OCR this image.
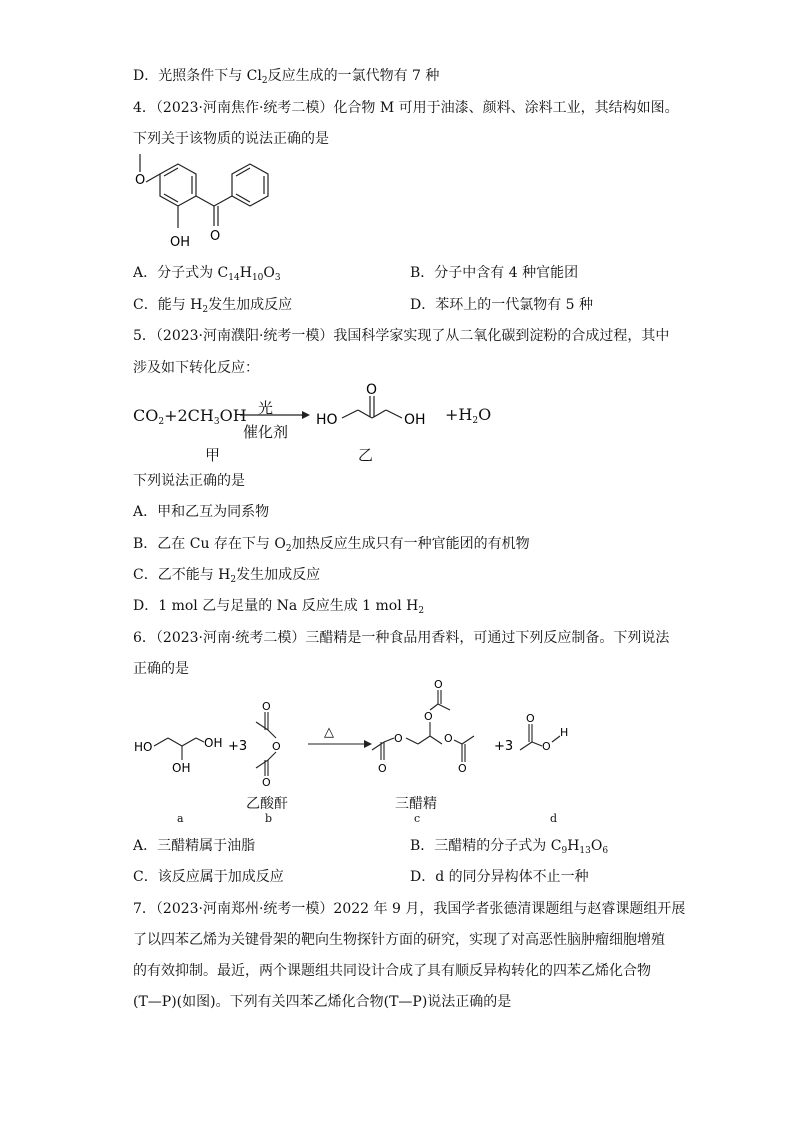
D．光照条件下与 $Cl_2$反应生成的一氯代物有 7 种
4．（2023·河南焦作·统考二模）化合物 M 可用于油漆、颜料、涂料工业，其结构如图。
下列关于该物质的说法正确的是
O
OH O
A．分子式为 $C_{14}H_{10}O_3$	B．分子中含有 4 种官能团
C．能与 $H_2$发生加成反应	D．苯环上的一代氯物有 5 种
5．（2023·河南濮阳·统考一模）我国科学家实现了从二氧化碳到淀粉的合成过程，其中
涉及如下转化反应：
$CO_2+2CH_3OH$ 光
催化剂
HO
O
OH $+H_2O$
甲	乙
下列说法正确的是
A．甲和乙互为同系物
B．乙在 Cu 存在下与 $O_2$加热反应生成只有一种官能团的有机物
C．乙不能与 $H_2$发生加成反应
D．1 mol 乙与足量的 Na 反应生成 1 mol $H_2$
6．（2023·河南·统考二模）三醋精是一种食品用香料，可通过下列反应制备。下列说法
正确的是
HO	OH
OH
+3
O
O
O
△
O
O
O
O
O
O
+3
O
O
H
乙酸酐	三醋精
a	b	c	d
A．三醋精属于油脂	B．三醋精的分子式为 $C_9H_{13}O_6$
C．该反应属于加成反应	D．d 的同分异构体不止一种
7．（2023·河南郑州·统考一模）2022 年 9 月，我国学者张德清课题组与赵睿课题组开展
了以四苯乙烯为关键骨架的靶向生物探针方面的研究，实现了对高恶性脑肿瘤细胞增殖
的有效抑制。最近，两个课题组共同设计合成了具有顺反异构转化的四苯乙烯化合物
(T—P)(如图)。下列有关四苯乙烯化合物(T—P)说法正确的是
